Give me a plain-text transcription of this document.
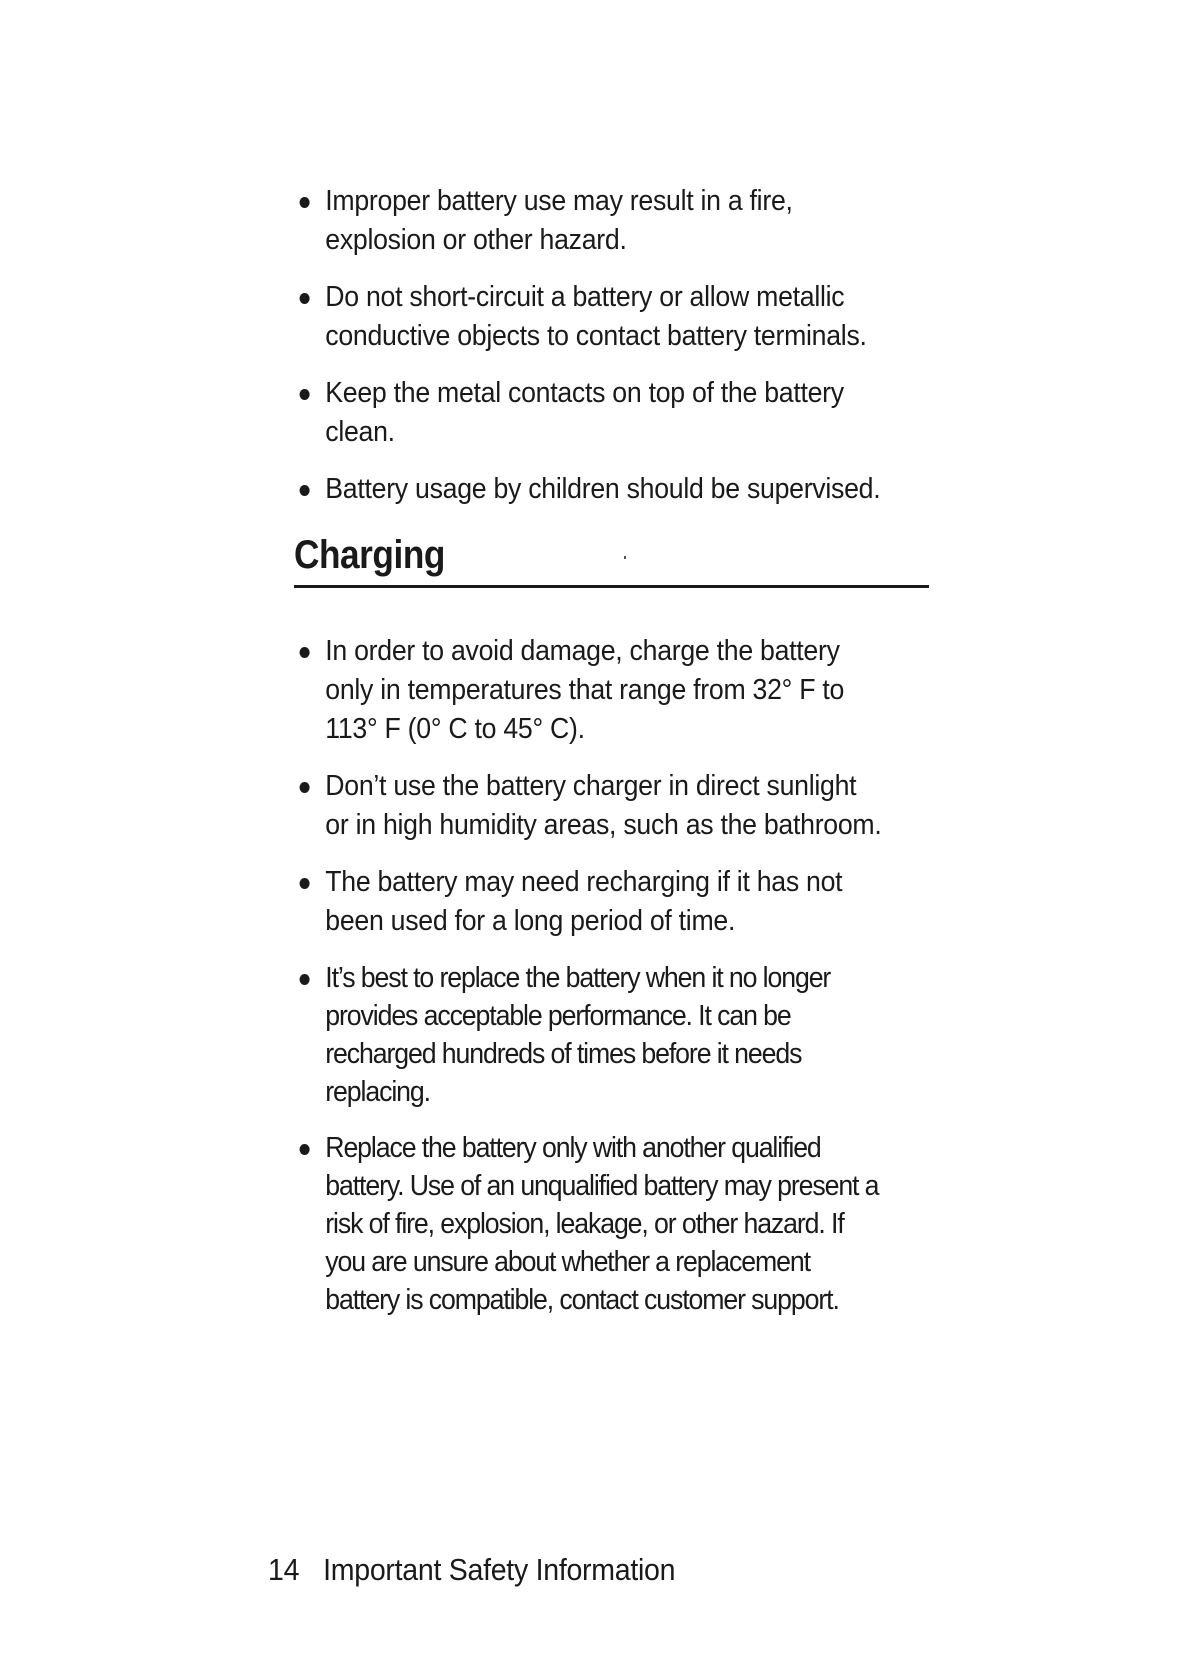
Improper battery use may result in a fire, explosion or other hazard.
Do not short-circuit a battery or allow metallic conductive objects to contact battery terminals.
Keep the metal contacts on top of the battery clean.
Battery usage by children should be supervised.
Charging
In order to avoid damage, charge the battery only in temperatures that range from 32° F to 113° F (0° C to 45° C).
Don’t use the battery charger in direct sunlight or in high humidity areas, such as the bathroom.
The battery may need recharging if it has not been used for a long period of time.
It’s best to replace the battery when it no longer provides acceptable performance. It can be recharged hundreds of times before it needs replacing.
Replace the battery only with another qualified battery. Use of an unqualified battery may present a risk of fire, explosion, leakage, or other hazard. If you are unsure about whether a replacement battery is compatible, contact customer support.
14 Important Safety Information
